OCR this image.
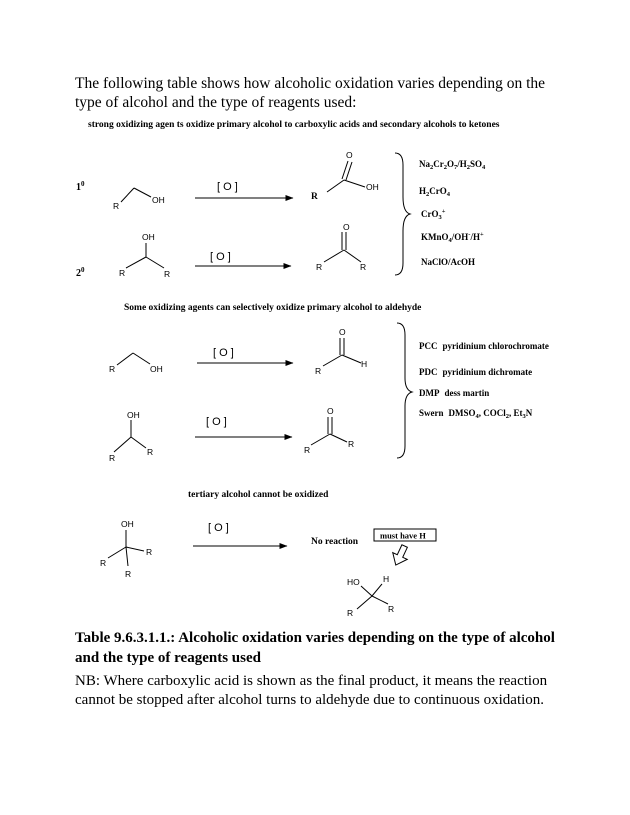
The following table shows how alcoholic oxidation varies depending on the type of alcohol and the type of reagents used:

strong oxidizing agen ts oxidize primary alcohol to carboxylic acids and secondary alcohols to ketones
$1^0$
R
OH
[ O ]
R
OH
O
$2^0$
OH
R	R
[ O ]
O
R	R
$Na_2Cr_2O_7/H_2SO_4$
$H_2CrO_4$
CrO$_3$+
KMnO$_4$/OH-/H+
NaClO/AcOH
Some oxidizing agents can selectively oxidize primary alcohol to aldehyde
R	OH
[ O ]
O
R
H
OH
R
R
[ O ]
O
R
R
PCC pyridinium chlorochromate
PDC pyridinium dichromate
DMP dess martin
Swern $DMSO_4$, COCl$_2$, $Et_3N$
tertiary alcohol cannot be oxidized
OH
R
R
R
[ O ]
No reaction
must have H
HO	H
R	R

Table 9.6.3.1.1.: Alcoholic oxidation varies depending on the type of alcohol and the type of reagents used

NB: Where carboxylic acid is shown as the final product, it means the reaction cannot be stopped after alcohol turns to aldehyde due to continuous oxidation.
